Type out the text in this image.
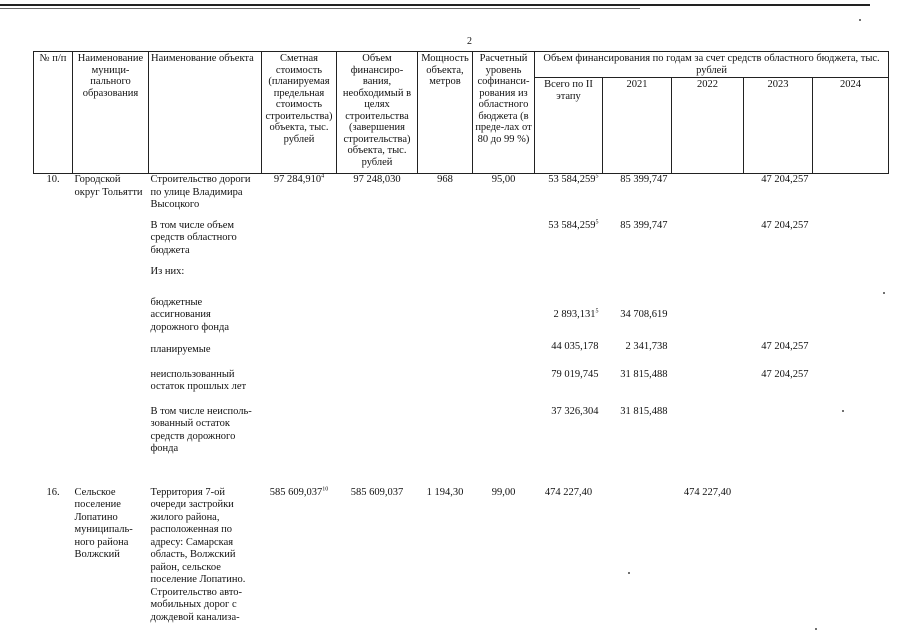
2
№ п/п	Наименование муници-пального образования	Наименование объекта	Сметная стоимость (планируемая предельная стоимость строительства) объекта, тыс. рублей	Объем финансиро-вания, необходимый в целях строительства (завершения строительства) объекта, тыс. рублей	Мощность объекта, метров	Расчетный уровень софинанси-рования из областного бюджета (в преде-лах от 80 до 99 %)	Объем финансирования по годам за счет средств областного бюджета, тыс. рублей				
							Всего по II этапу	2021	2022	2023	2024
10.	Городской округ Тольятти	Строительство дороги по улице Владимира Высоцкого	97 284,910$^4$	97 248,030	968	95,00	53 584,259$^5$	85 399,747		47 204,257	

		В том числе объем средств областного бюджета					53 584,259$^5$	85 399,747		47 204,257	
		Из них:									
		бюджетные ассигнования дорожного фонда					2 893,131$^5$	34 708,619			
		планируемые					44 035,178	2 341,738		47 204,257	
		неиспользованный остаток прошлых лет					79 019,745	31 815,488		47 204,257	
		В том числе неисполь-зованный остаток средств дорожного фонда					37 326,304	31 815,488			
16.	Сельское поселение Лопатино муниципаль-ного района Волжский	Территория 7-ой очереди застройки жилого района, расположенная по адресу: Самарская область, Волжский район, сельское поселение Лопатино. Строительство авто-мобильных дорог с дождевой канализа-	585 609,037$^{10}$	585 609,037	1 194,30	99,00	474 227,40		474 227,40		
